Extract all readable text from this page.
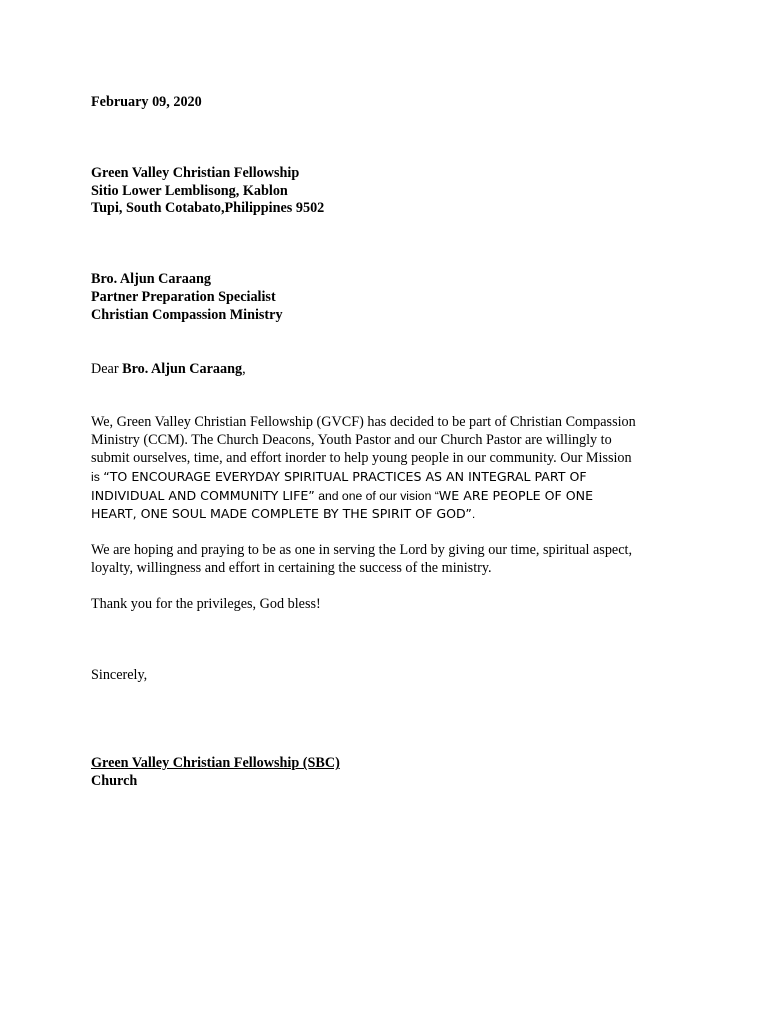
February 09, 2020
Green Valley Christian Fellowship
Sitio Lower Lemblisong, Kablon
Tupi, South Cotabato,Philippines 9502
Bro. Aljun Caraang
Partner Preparation Specialist
Christian Compassion Ministry
Dear Bro. Aljun Caraang,
We, Green Valley Christian Fellowship (GVCF) has decided to be part of Christian Compassion
Ministry (CCM). The Church Deacons, Youth Pastor and our Church Pastor are willingly to
submit ourselves, time, and effort inorder to help young people in our community. Our Mission
is “TO ENCOURAGE EVERYDAY SPIRITUAL PRACTICES AS AN INTEGRAL PART OF
INDIVIDUAL AND COMMUNITY LIFE” and one of our vision “WE ARE PEOPLE OF ONE
HEART, ONE SOUL MADE COMPLETE BY THE SPIRIT OF GOD”.
We are hoping and praying to be as one in serving the Lord by giving our time, spiritual aspect,
loyalty, willingness and effort in certaining the success of the ministry.
Thank you for the privileges, God bless!
Sincerely,
Green Valley Christian Fellowship (SBC)
Church
